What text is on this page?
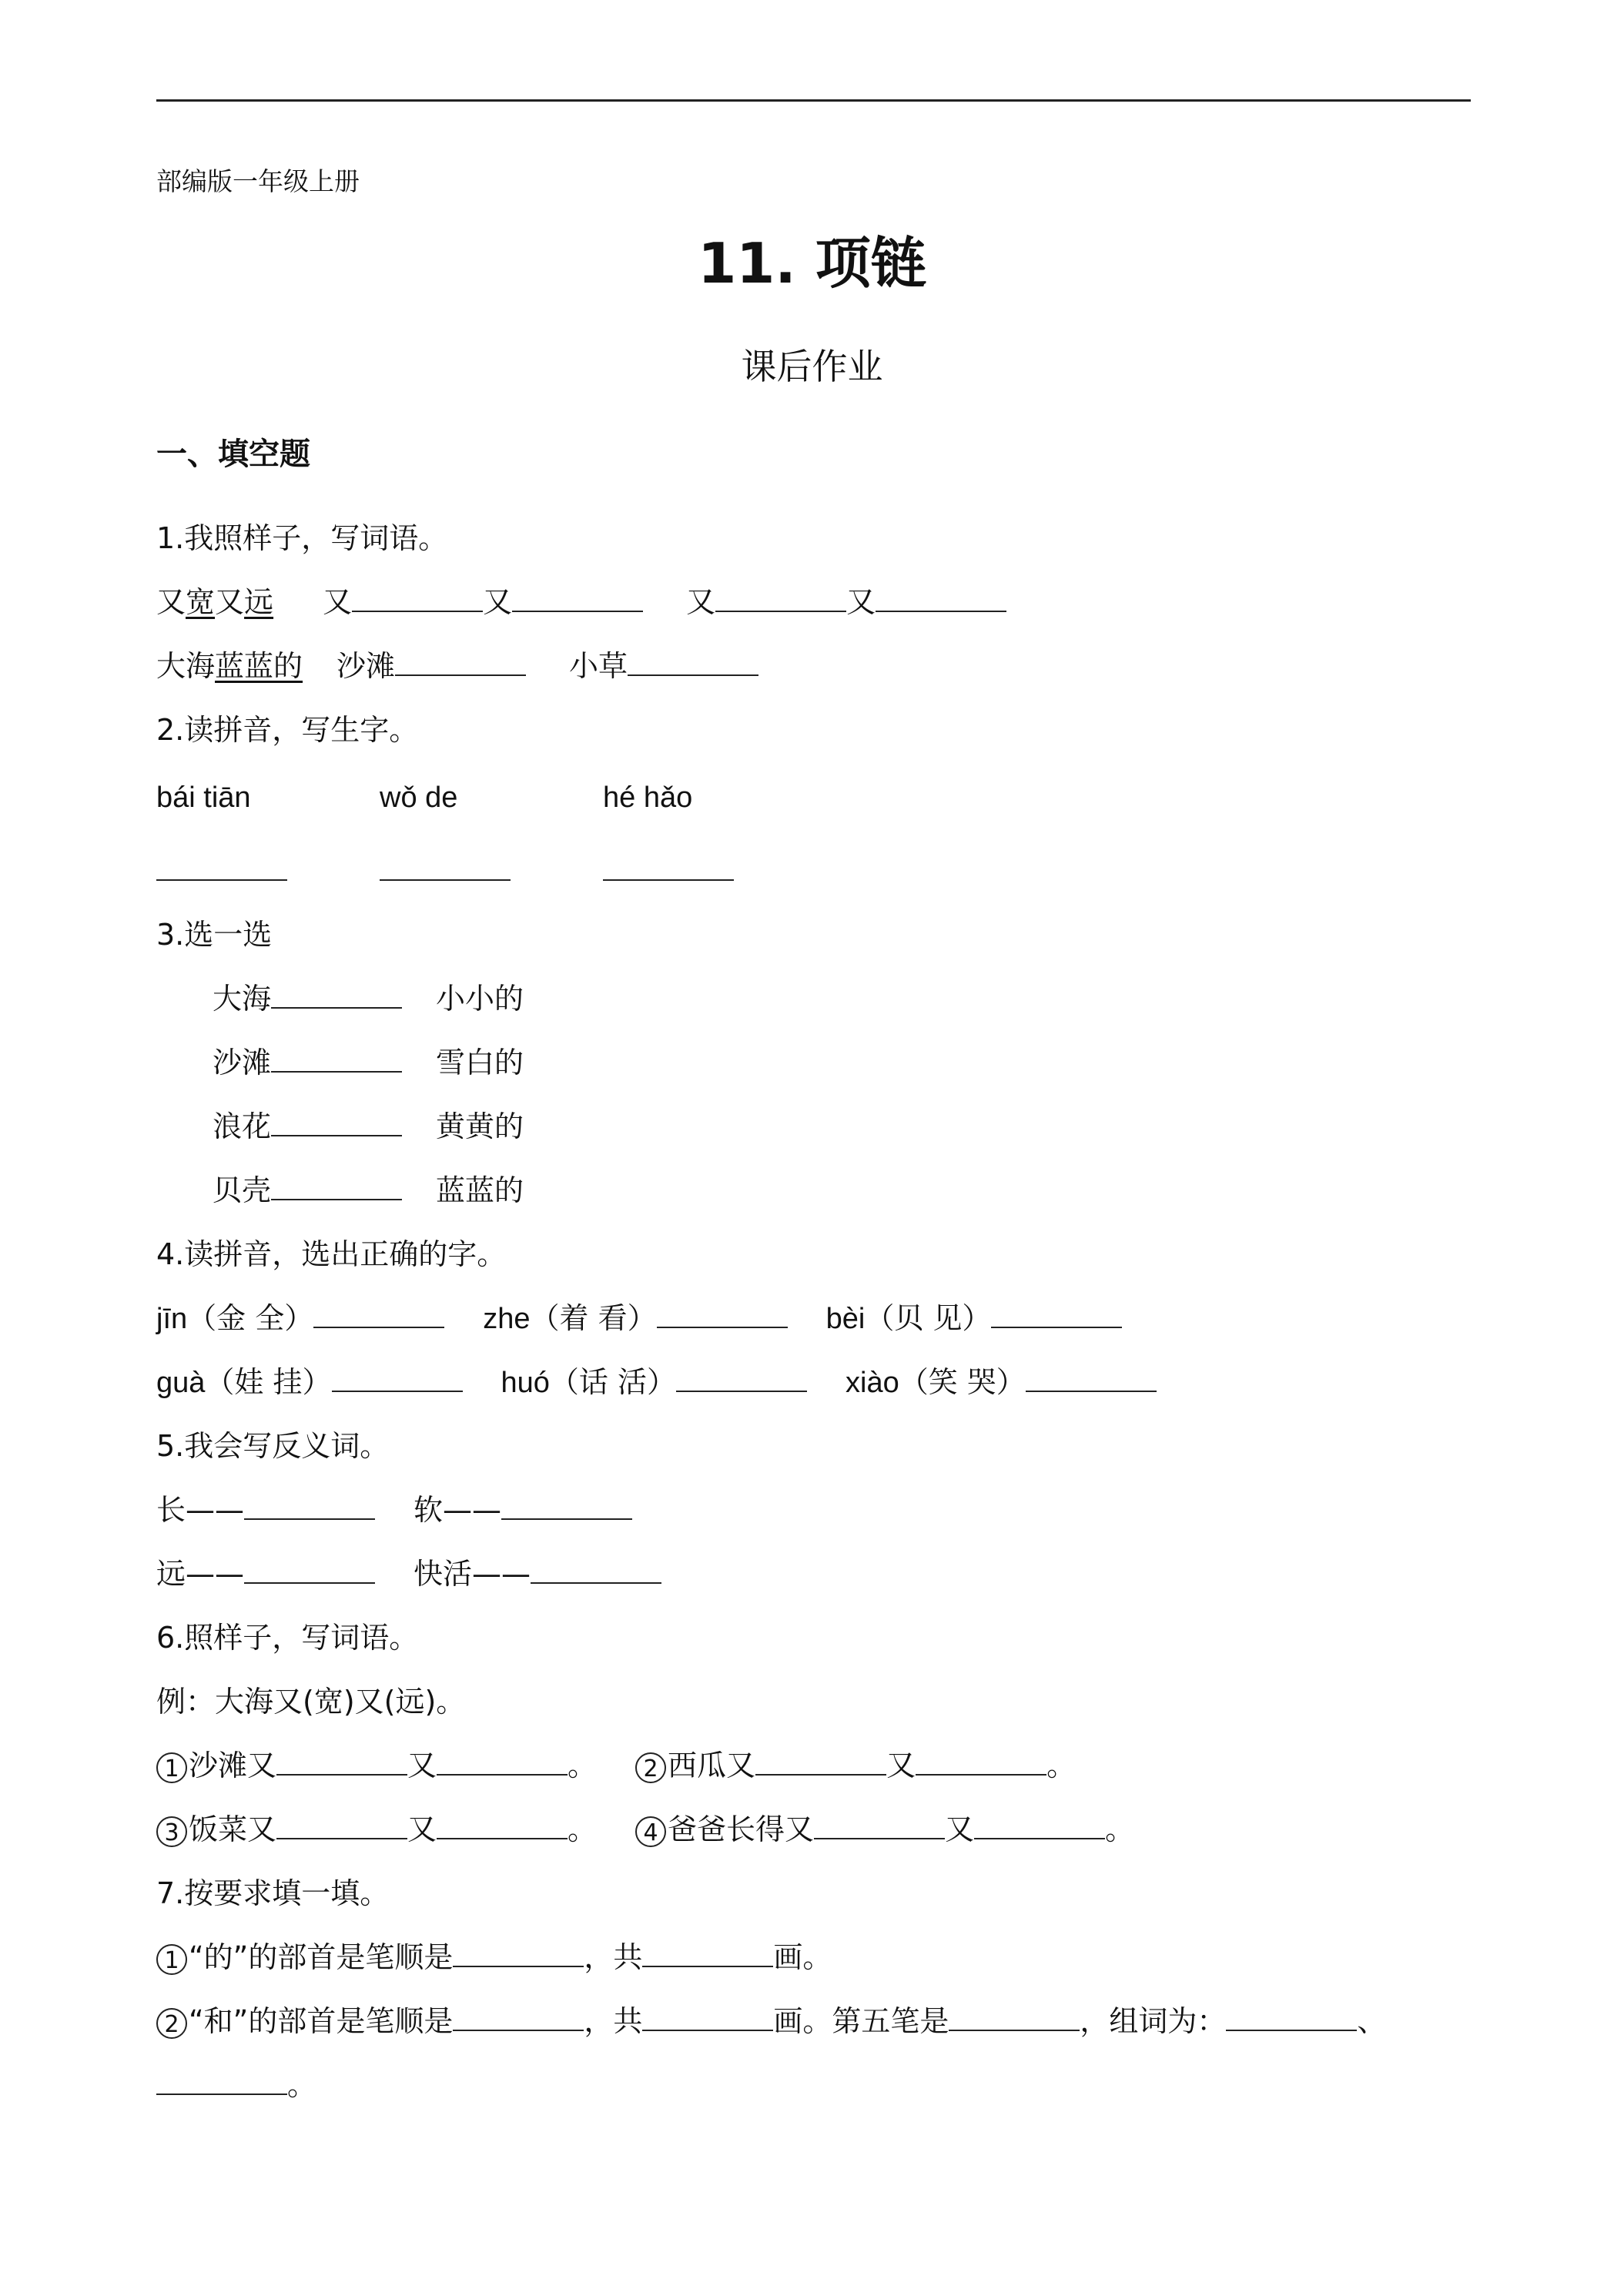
部编版一年级上册
11. 项链
课后作业
一、填空题
1.我照样子，写词语。
又宽又远 又	又	又	又
大海蓝蓝的 沙滩	小草
2.读拼音，写生字。
bái tiān	wǒ de	hé hǎo
3.选一选
大海	小小的
沙滩	雪白的
浪花	黄黄的
贝壳	蓝蓝的
4.读拼音，选出正确的字。
jīn（金 全）	zhe（着 看）	bèi（贝 见）
guà（娃 挂）	huó（话 活）	xiào（笑 哭）
5.我会写反义词。
长——	软——
远——	快活——
6.照样子，写词语。
例：大海又(宽)又(远)。
1 沙滩又	又	。 2 西瓜又	又	。
3 饭菜又	又	。 4 爸爸长得又	又	。
7.按要求填一填。
1 “的”的部首是笔顺是	，共	画。
2 “和”的部首是笔顺是	，共	画。第五笔是	，组词为：	、
。
